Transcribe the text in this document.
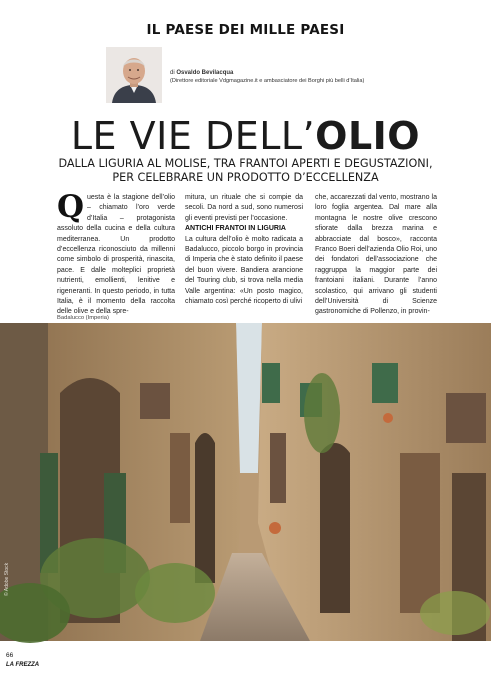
IL PAESE DEI MILLE PAESI
di Osvaldo Bevilacqua
(Direttore editoriale Vdgmagazine.it e ambasciatore dei Borghi più belli d’Italia)
LE VIE DELL’OLIO
DALLA LIGURIA AL MOLISE, TRA FRANTOI APERTI E DEGUSTAZIONI,
PER CELEBRARE UN PRODOTTO D’ECCELLENZA

Questa è la stagione dell’olio – chiamato l’oro verde d’Italia – protagonista assoluto della cucina e della cultura mediterranea. Un prodotto d’eccellenza riconosciuto da millenni come simbolo di prosperità, rinascita, pace. E dalle molteplici proprietà nutrienti, emollienti, lenitive e rigeneranti. In questo periodo, in tutta Italia, è il momento della raccolta delle olive e della spre-

mitura, un rituale che si compie da secoli. Da nord a sud, sono numerosi gli eventi previsti per l’occasione.

ANTICHI FRANTOI IN LIGURIA

La cultura dell’olio è molto radicata a Badalucco, piccolo borgo in provincia di Imperia che è stato definito il paese del buon vivere. Bandiera arancione del Touring club, si trova nella media Valle argentina: «Un posto magico, chiamato così perché ricoperto di ulivi

che, accarezzati dal vento, mostrano la loro foglia argentea. Dal mare alla montagna le nostre olive crescono sfiorate dalla brezza marina e abbracciate dal bosco», racconta Franco Boeri dell’azienda Olio Roi, uno dei fondatori dell’associazione che raggruppa la maggior parte dei frantoiani italiani. Durante l’anno scolastico, qui arrivano gli studenti dell’Università di Scienze gastronomiche di Pollenzo, in provin-

Badalucco (Imperia)
© Adobe Stock
66
LA FREZZA
